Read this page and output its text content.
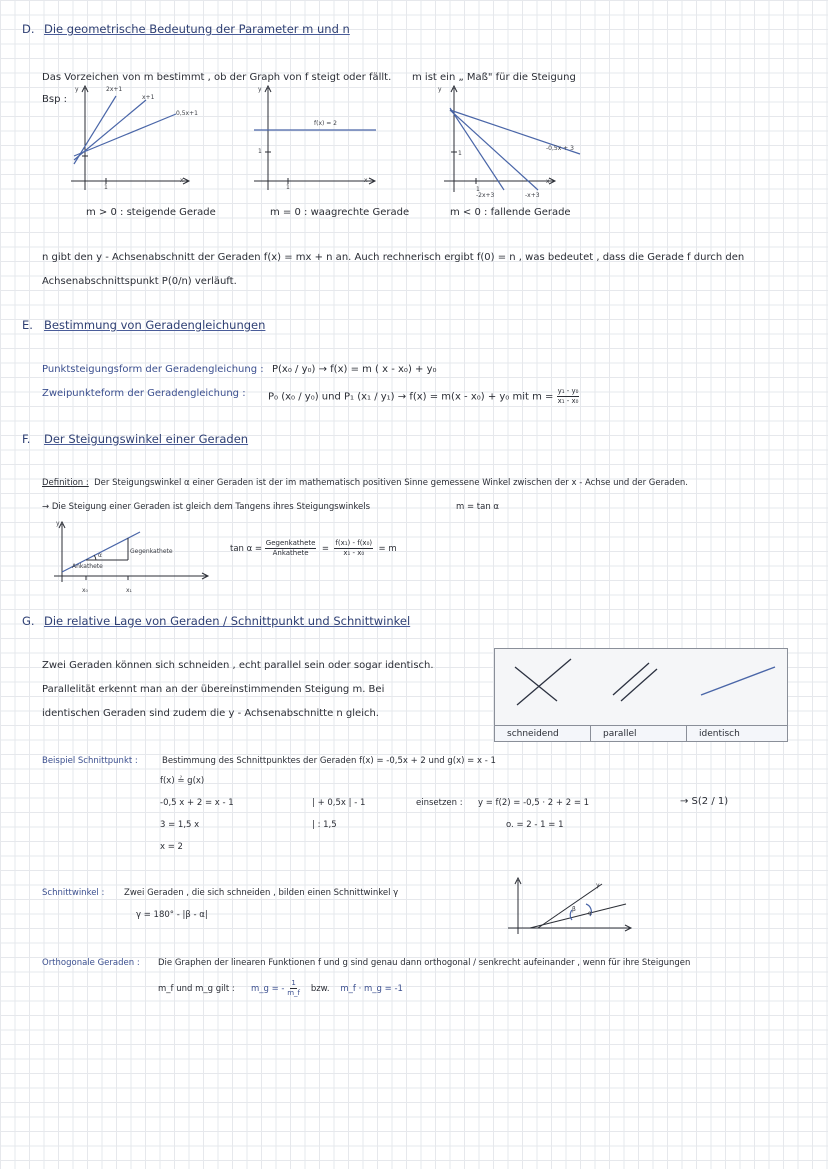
D. Die geometrische Bedeutung der Parameter m und n
Das Vorzeichen von m bestimmt , ob der Graph von f steigt oder fällt. m ist ein „ Maß" für die Steigung
Bsp :
y	2x+1
x+1
0,5x+1
1
x
m > 0 : steigende Gerade
y
f(x) = 2
1
1
x
m = 0 : waagrechte Gerade
y
-0,5x + 3
1
1
-2x+3	-x+3
x
m < 0 : fallende Gerade
n gibt den y - Achsenabschnitt der Geraden f(x) = mx + n an. Auch rechnerisch ergibt f(0) = n , was bedeutet , dass die Gerade f durch den
Achsenabschnittspunkt P(0/n) verläuft.
E. Bestimmung von Geradengleichungen
Punktsteigungsform der Geradengleichung : P(x₀ / y₀) → f(x) = m ( x - x₀) + y₀
Zweipunkteform der Geradengleichung : P₀ (x₀ / y₀) und P₁ (x₁ / y₁) → f(x) = m(x - x₀) + y₀ mit $m = \frac{\text{y₁ - y₀}}{\text{x₁ - x₀}}$
F. Der Steigungswinkel einer Geraden
Definition : Der Steigungswinkel α einer Geraden ist der im mathematisch positiven Sinne gemessene Winkel zwischen der x - Achse und der Geraden.
→ Die Steigung einer Geraden ist gleich dem Tangens ihres Steigungswinkels	m = tan α
y
α
Ankathete
Gegenkathete
x₀	x₁
$\tan \alpha = \frac{\text{Gegenkathete}}{\text{Ankathete}} = \frac{\text{f(x₁) - f(x₀)}}{\text{x₁ - x₀}} = m$
G. Die relative Lage von Geraden / Schnittpunkt und Schnittwinkel
Zwei Geraden können sich schneiden , echt parallel sein oder sogar identisch.
Parallelität erkennt man an der übereinstimmenden Steigung m. Bei
identischen Geraden sind zudem die y - Achsenabschnitte n gleich.
schneidend	parallel	identisch
Beispiel Schnittpunkt :	Bestimmung des Schnittpunktes der Geraden f(x) = -0,5x + 2 und g(x) = x - 1
f(x) ≟ g(x)
-0,5 x + 2 = x - 1	| + 0,5x | - 1
3 = 1,5 x	| : 1,5
x = 2
einsetzen : y = f(2) = -0,5 · 2 + 2 = 1
o. = 2 - 1 = 1
→ S(2 / 1)
Schnittwinkel : Zwei Geraden , die sich schneiden , bilden einen Schnittwinkel γ
γ = 180° - |β - α|
γ
β
α
Orthogonale Geraden : Die Graphen der linearen Funktionen f und g sind genau dann orthogonal / senkrecht aufeinander , wenn für ihre Steigungen
m_f und m_g gilt : m_g = - $\frac{1}{m\_f}$ bzw. m_f · m_g = -1
